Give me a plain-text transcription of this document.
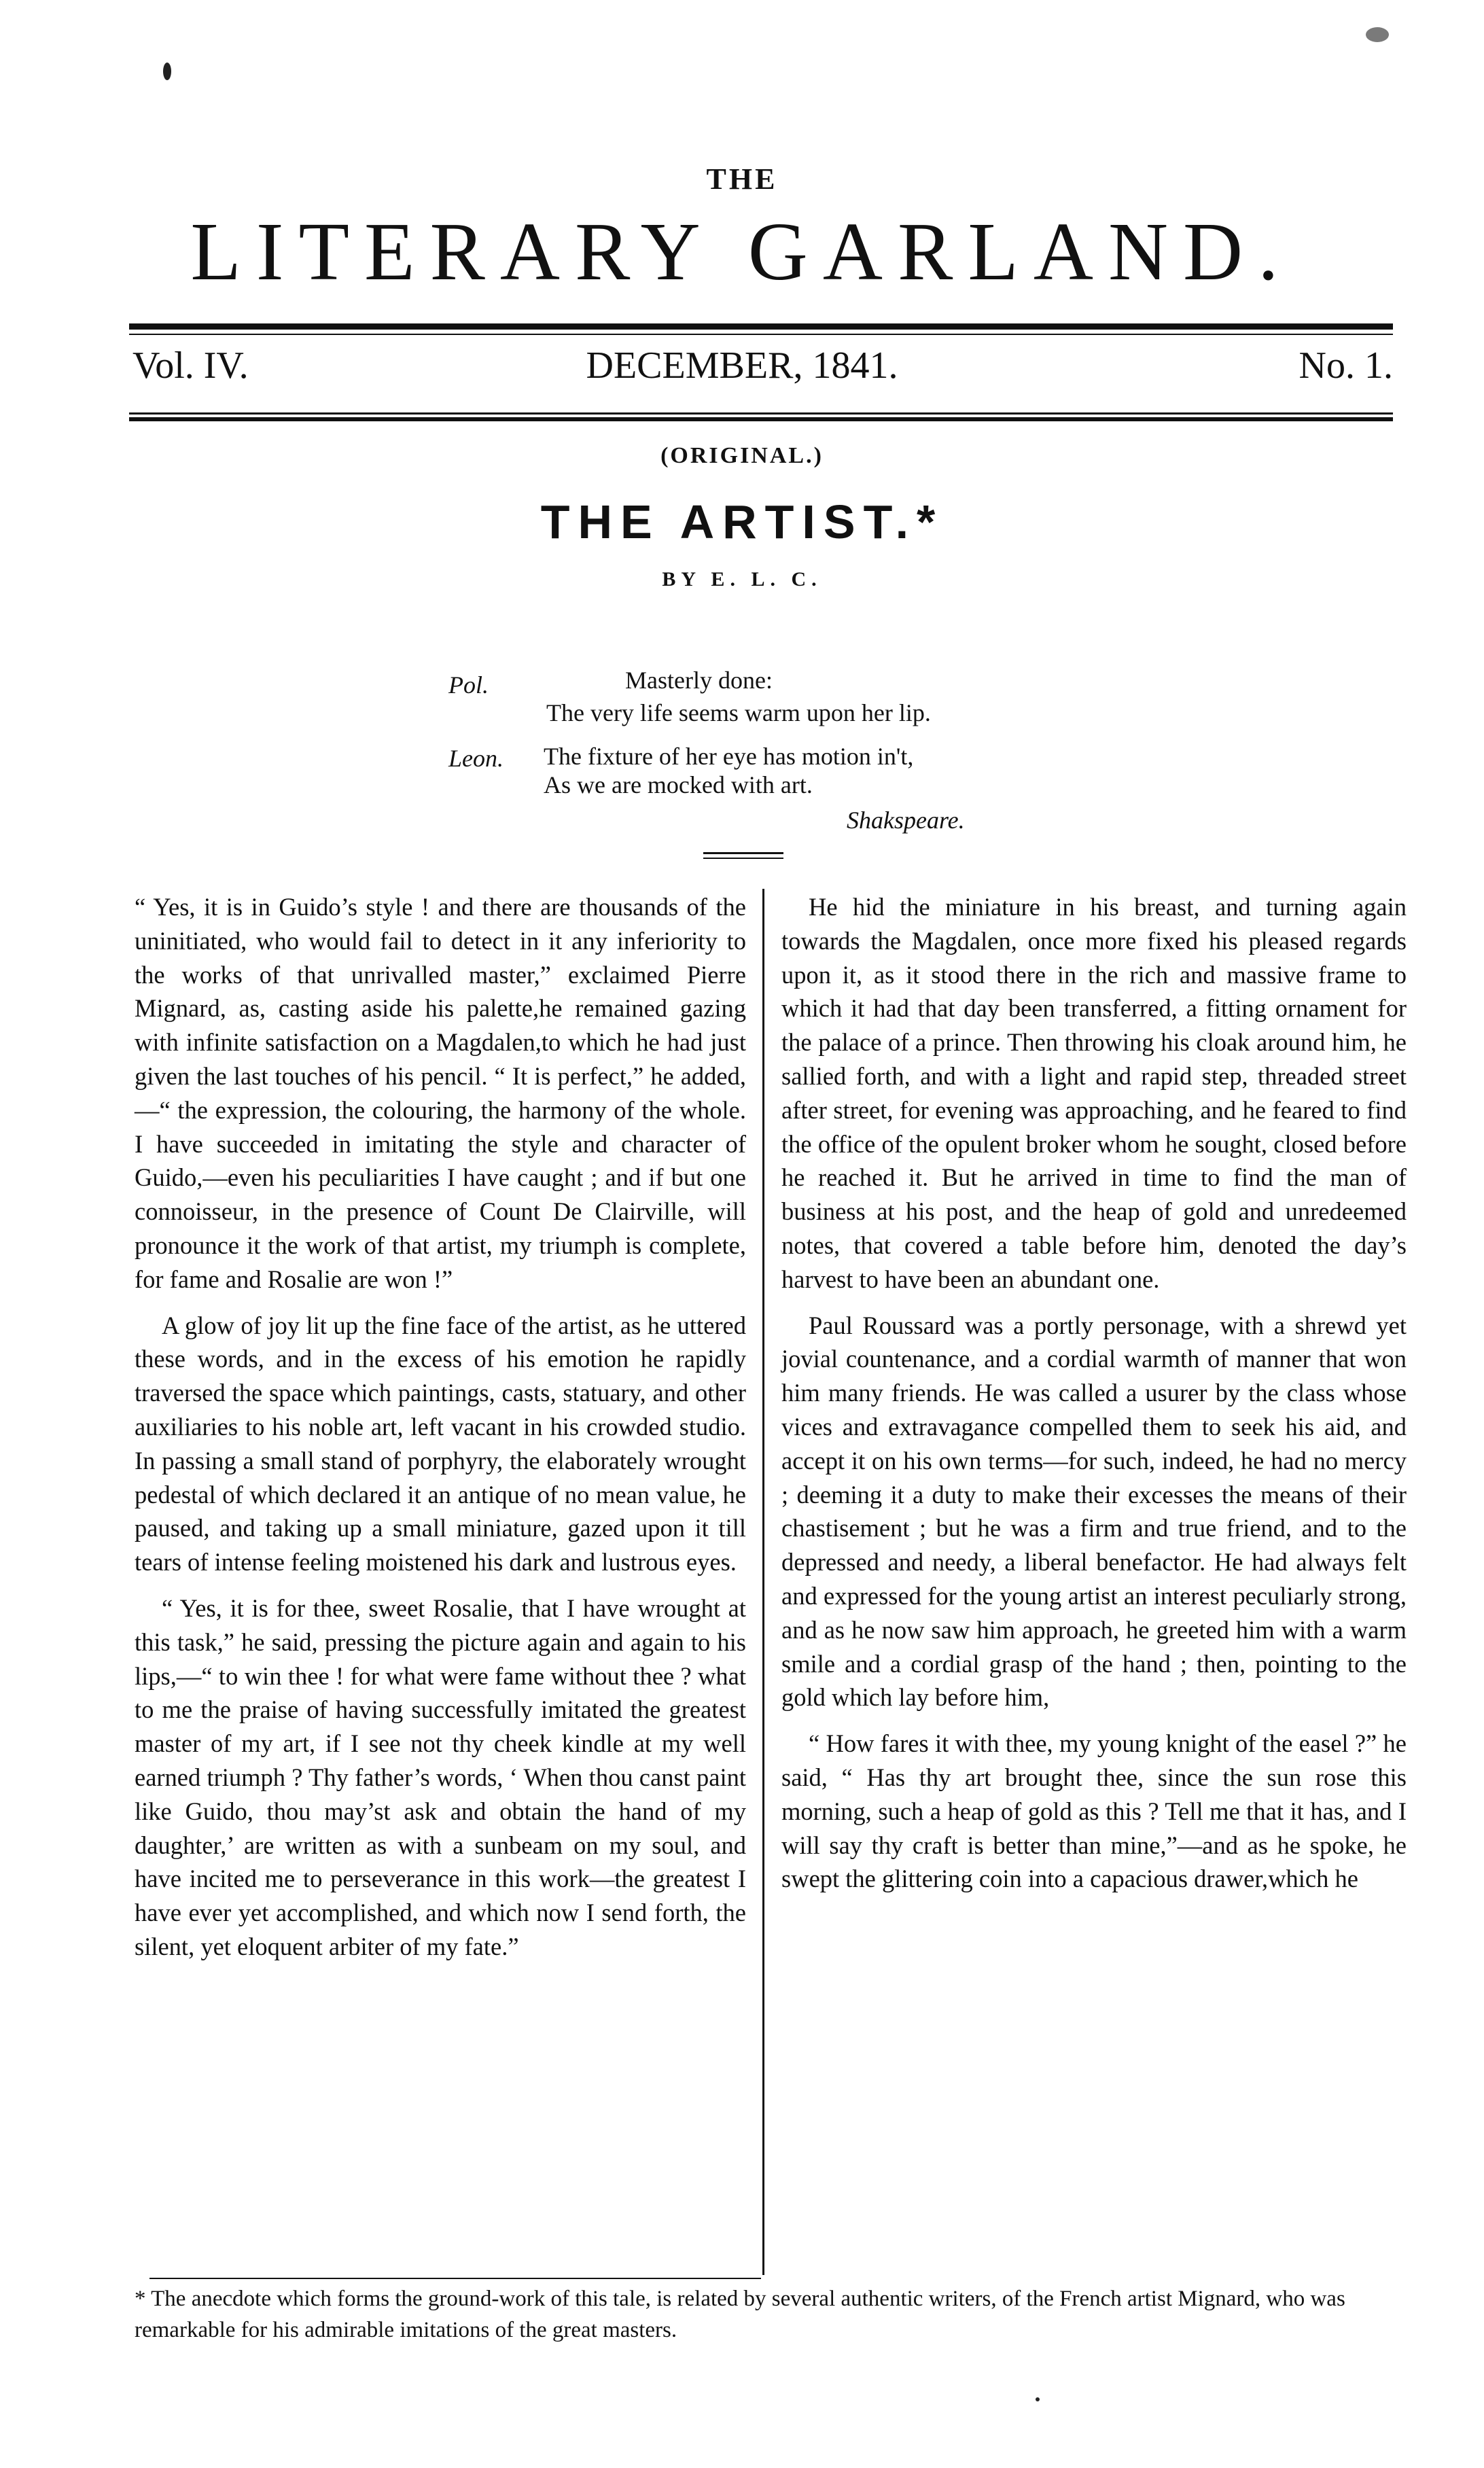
THE
LITERARY GARLAND.
DECEMBER, 1841.
Vol. IV.	No. 1.
(ORIGINAL.)
THE ARTIST.*
BY E. L. C.
Pol.	Masterly done:
The very life seems warm upon her lip.
Leon. The fixture of her eye has motion in't,
As we are mocked with art.
Shakspeare.

“ Yes, it is in Guido’s style ! and there are thousands of the uninitiated, who would fail to detect in it any inferiority to the works of that unrivalled master,” exclaimed Pierre Mignard, as, casting aside his palette,he remained gazing with infinite satisfaction on a Magdalen,to which he had just given the last touches of his pencil. “ It is perfect,” he added,—“ the expression, the colouring, the harmony of the whole. I have succeeded in imitating the style and character of Guido,—even his peculiarities I have caught ; and if but one connoisseur, in the presence of Count De Clairville, will pronounce it the work of that artist, my triumph is complete, for fame and Rosalie are won !”

A glow of joy lit up the fine face of the artist, as he uttered these words, and in the excess of his emotion he rapidly traversed the space which paintings, casts, statuary, and other auxiliaries to his noble art, left vacant in his crowded studio. In passing a small stand of porphyry, the elaborately wrought pedestal of which declared it an antique of no mean value, he paused, and taking up a small miniature, gazed upon it till tears of intense feeling moistened his dark and lustrous eyes.

“ Yes, it is for thee, sweet Rosalie, that I have wrought at this task,” he said, pressing the picture again and again to his lips,—“ to win thee ! for what were fame without thee ? what to me the praise of having successfully imitated the greatest master of my art, if I see not thy cheek kindle at my well earned triumph ? Thy father’s words, ‘ When thou canst paint like Guido, thou may’st ask and obtain the hand of my daughter,’ are written as with a sunbeam on my soul, and have incited me to perseverance in this work—the greatest I have ever yet accomplished, and which now I send forth, the silent, yet eloquent arbiter of my fate.”

He hid the miniature in his breast, and turning again towards the Magdalen, once more fixed his pleased regards upon it, as it stood there in the rich and massive frame to which it had that day been transferred, a fitting ornament for the palace of a prince. Then throwing his cloak around him, he sallied forth, and with a light and rapid step, threaded street after street, for evening was approaching, and he feared to find the office of the opulent broker whom he sought, closed before he reached it. But he arrived in time to find the man of business at his post, and the heap of gold and unredeemed notes, that covered a table before him, denoted the day’s harvest to have been an abundant one.

Paul Roussard was a portly personage, with a shrewd yet jovial countenance, and a cordial warmth of manner that won him many friends. He was called a usurer by the class whose vices and extravagance compelled them to seek his aid, and accept it on his own terms—for such, indeed, he had no mercy ; deeming it a duty to make their excesses the means of their chastisement ; but he was a firm and true friend, and to the depressed and needy, a liberal benefactor. He had always felt and expressed for the young artist an interest peculiarly strong, and as he now saw him approach, he greeted him with a warm smile and a cordial grasp of the hand ; then, pointing to the gold which lay before him,

“ How fares it with thee, my young knight of the easel ?” he said, “ Has thy art brought thee, since the sun rose this morning, such a heap of gold as this ? Tell me that it has, and I will say thy craft is better than mine,”—and as he spoke, he swept the glittering coin into a capacious drawer,which he

* The anecdote which forms the ground-work of this tale, is related by several authentic writers, of the French artist Mignard, who was remarkable for his admirable imitations of the great masters.
